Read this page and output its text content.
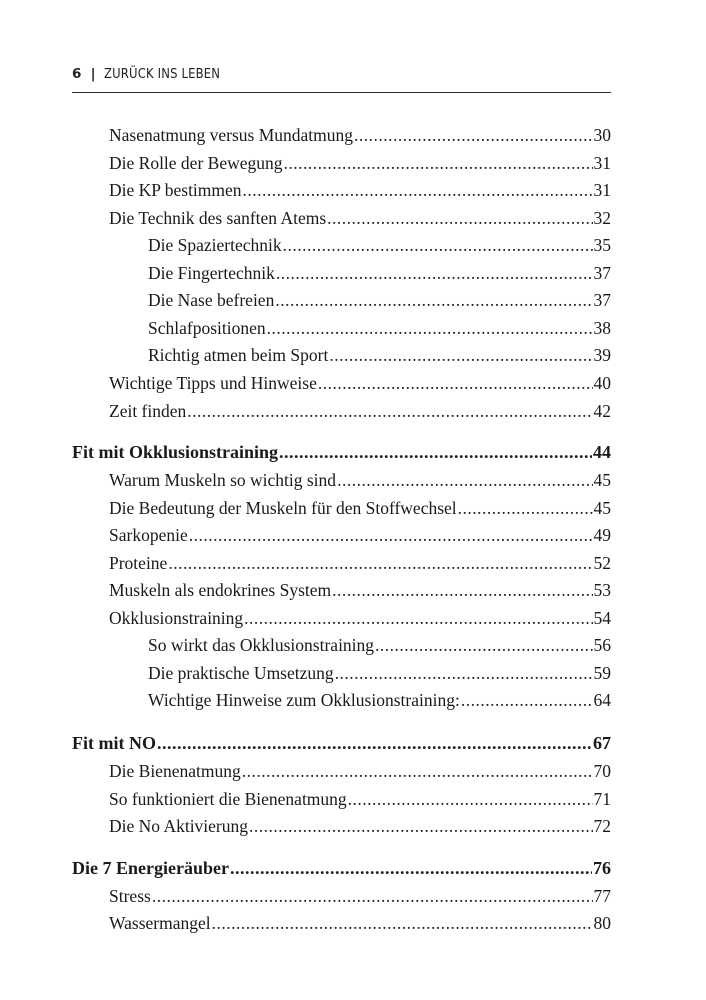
6 | ZURÜCK INS LEBEN
Nasenatmung versus Mundatmung .....	30
Die Rolle der Bewegung .....	31
Die KP bestimmen .....	31
Die Technik des sanften Atems .....	32
Die Spaziertechnik .....	35
Die Fingertechnik .....	37
Die Nase befreien .....	37
Schlafpositionen .....	38
Richtig atmen beim Sport .....	39
Wichtige Tipps und Hinweise .....	40
Zeit finden .....	42
Fit mit Okklusionstraining .....	44
Warum Muskeln so wichtig sind .....	45
Die Bedeutung der Muskeln für den Stoffwechsel .....	45
Sarkopenie .....	49
Proteine .....	52
Muskeln als endokrines System .....	53
Okklusionstraining .....	54
So wirkt das Okklusionstraining .....	56
Die praktische Umsetzung .....	59
Wichtige Hinweise zum Okklusionstraining: .....	64
Fit mit NO .....	67
Die Bienenatmung .....	70
So funktioniert die Bienenatmung .....	71
Die No Aktivierung .....	72
Die 7 Energieräuber .....	76
Stress .....	77
Wassermangel .....	80
